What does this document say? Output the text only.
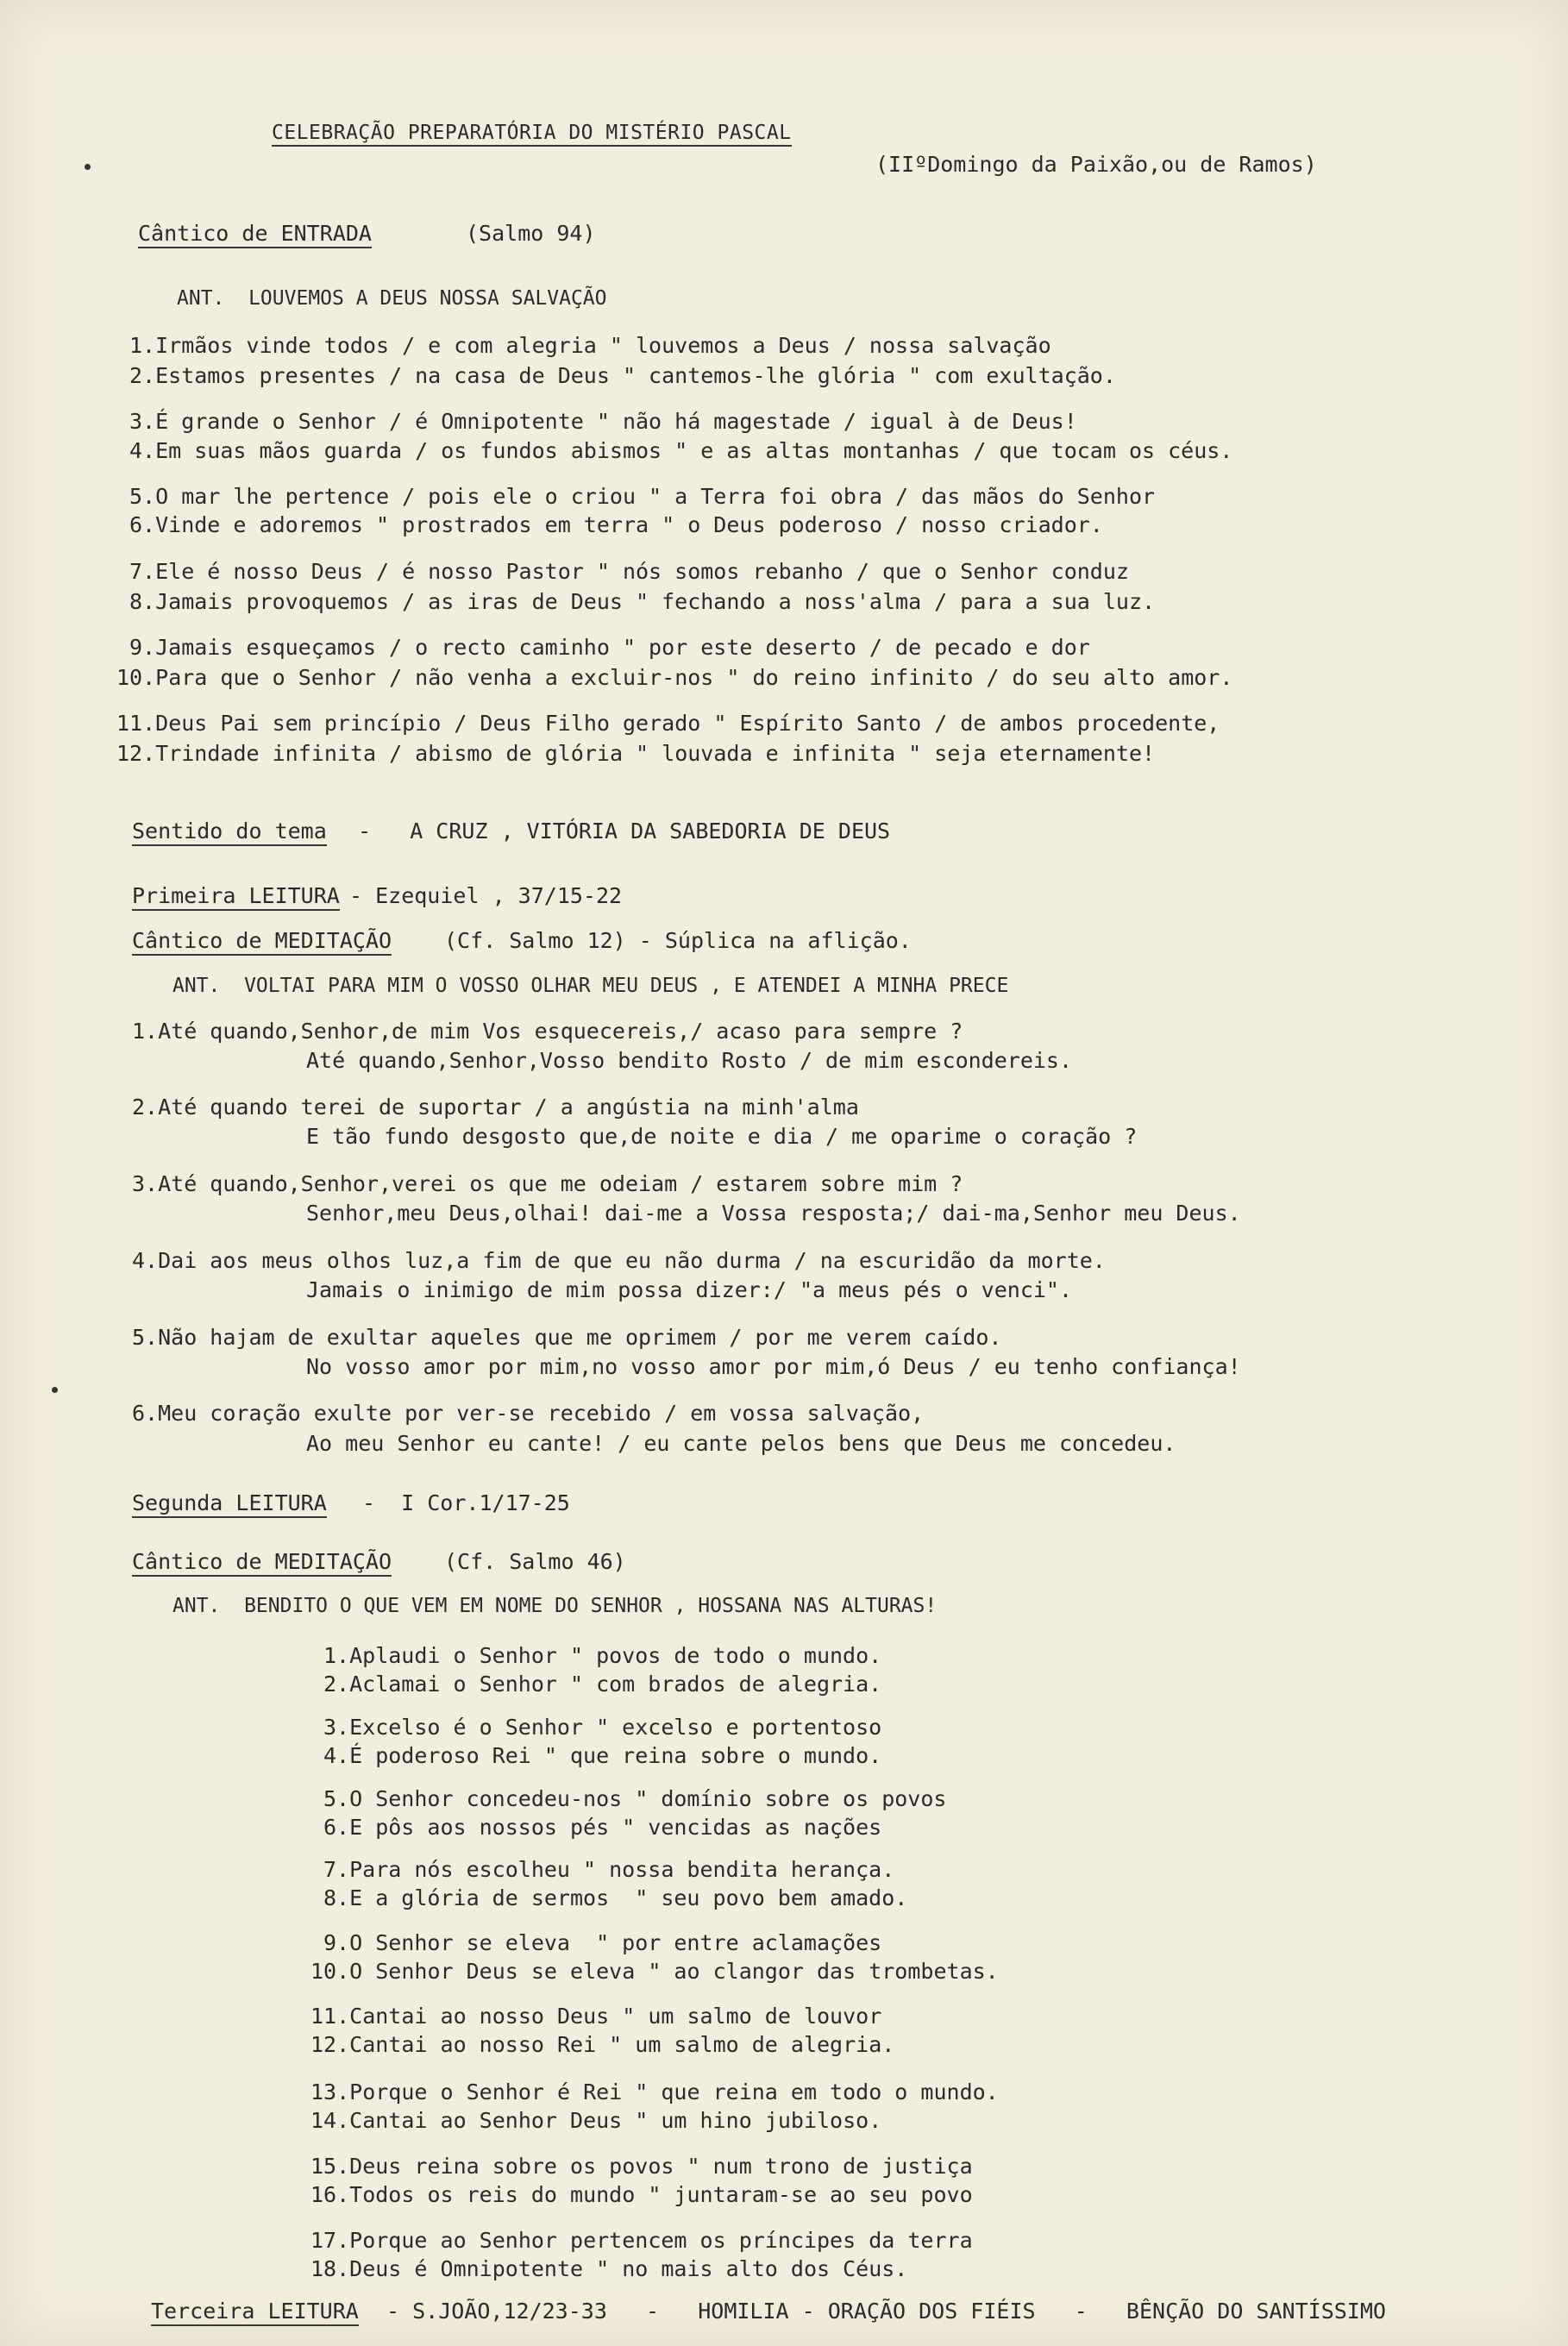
CELEBRAÇÃO PREPARATÓRIA DO MISTÉRIO PASCAL
(IIºDomingo da Paixão,ou de Ramos)
Cântico de ENTRADA	(Salmo 94)
ANT.  LOUVEMOS A DEUS NOSSA SALVAÇÃO
1.Irmãos vinde todos / e com alegria " louvemos a Deus / nossa salvação
2.Estamos presentes / na casa de Deus " cantemos-lhe glória " com exultação.
3.É grande o Senhor / é Omnipotente " não há magestade / igual à de Deus!
4.Em suas mãos guarda / os fundos abismos " e as altas montanhas / que tocam os céus.
5.O mar lhe pertence / pois ele o criou " a Terra foi obra / das mãos do Senhor
6.Vinde e adoremos " prostrados em terra " o Deus poderoso / nosso criador.
7.Ele é nosso Deus / é nosso Pastor " nós somos rebanho / que o Senhor conduz
8.Jamais provoquemos / as iras de Deus " fechando a noss'alma / para a sua luz.
9.Jamais esqueçamos / o recto caminho " por este deserto / de pecado e dor
10.Para que o Senhor / não venha a excluir-nos " do reino infinito / do seu alto amor.
11.Deus Pai sem princípio / Deus Filho gerado " Espírito Santo / de ambos procedente,
12.Trindade infinita / abismo de glória " louvada e infinita " seja eternamente!
Sentido do tema -   A CRUZ , VITÓRIA DA SABEDORIA DE DEUS
Primeira LEITURA - Ezequiel , 37/15-22
Cântico de MEDITAÇÃO (Cf. Salmo 12) - Súplica na aflição.
ANT.  VOLTAI PARA MIM O VOSSO OLHAR MEU DEUS , E ATENDEI A MINHA PRECE
1.Até quando,Senhor,de mim Vos esquecereis,/ acaso para sempre ?
Até quando,Senhor,Vosso bendito Rosto / de mim escondereis.
2.Até quando terei de suportar / a angústia na minh'alma
E tão fundo desgosto que,de noite e dia / me oparime o coração ?
3.Até quando,Senhor,verei os que me odeiam / estarem sobre mim ?
Senhor,meu Deus,olhai! dai-me a Vossa resposta;/ dai-ma,Senhor meu Deus.
4.Dai aos meus olhos luz,a fim de que eu não durma / na escuridão da morte.
Jamais o inimigo de mim possa dizer:/ "a meus pés o venci".
5.Não hajam de exultar aqueles que me oprimem / por me verem caído.
No vosso amor por mim,no vosso amor por mim,ó Deus / eu tenho confiança!
6.Meu coração exulte por ver-se recebido / em vossa salvação,
Ao meu Senhor eu cante! / eu cante pelos bens que Deus me concedeu.
Segunda LEITURA -  I Cor.1/17-25
Cântico de MEDITAÇÃO (Cf. Salmo 46)
ANT.  BENDITO O QUE VEM EM NOME DO SENHOR , HOSSANA NAS ALTURAS!
1.Aplaudi o Senhor " povos de todo o mundo.
2.Aclamai o Senhor " com brados de alegria.
3.Excelso é o Senhor " excelso e portentoso
4.É poderoso Rei " que reina sobre o mundo.
5.O Senhor concedeu-nos " domínio sobre os povos
6.E pôs aos nossos pés " vencidas as nações
7.Para nós escolheu " nossa bendita herança.
8.E a glória de sermos  " seu povo bem amado.
9.O Senhor se eleva  " por entre aclamações
10.O Senhor Deus se eleva " ao clangor das trombetas.
11.Cantai ao nosso Deus " um salmo de louvor
12.Cantai ao nosso Rei " um salmo de alegria.
13.Porque o Senhor é Rei " que reina em todo o mundo.
14.Cantai ao Senhor Deus " um hino jubiloso.
15.Deus reina sobre os povos " num trono de justiça
16.Todos os reis do mundo " juntaram-se ao seu povo
17.Porque ao Senhor pertencem os príncipes da terra
18.Deus é Omnipotente " no mais alto dos Céus.
Terceira LEITURA - S.JOÃO,12/23-33   -   HOMILIA - ORAÇÃO DOS FIÉIS   -   BÊNÇÃO DO SANTÍSSIMO
